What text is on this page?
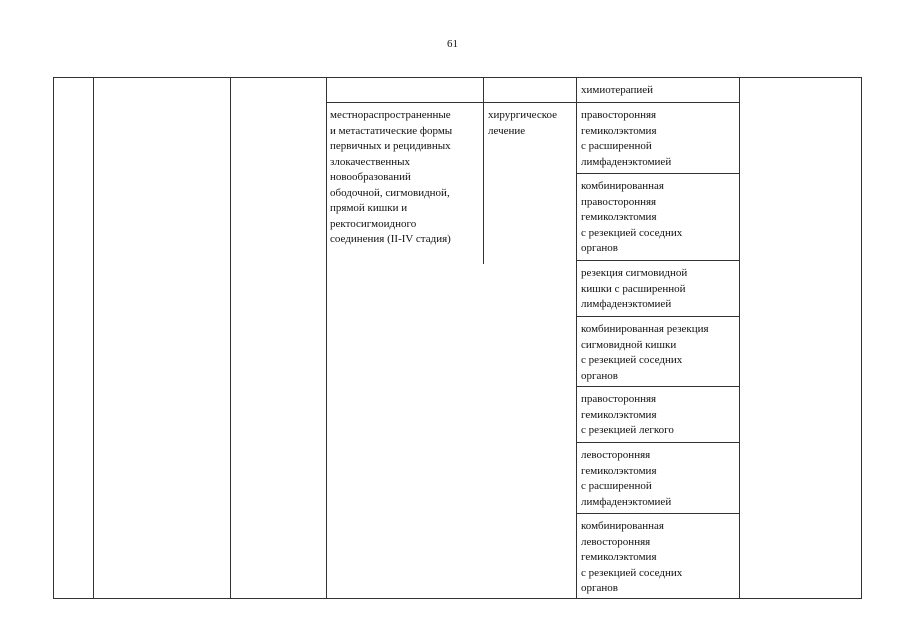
61
химиотерапией
местнораспространенные
и метастатические формы
первичных и рецидивных
злокачественных
новообразований
ободочной, сигмовидной,
прямой кишки и
ректосигмоидного
соединения (II-IV стадия)
хирургическое
лечение
правосторонняя
гемиколэктомия
с расширенной
лимфаденэктомией
комбинированная
правосторонняя
гемиколэктомия
с резекцией соседних
органов
резекция сигмовидной
кишки с расширенной
лимфаденэктомией
комбинированная резекция
сигмовидной кишки
с резекцией соседних
органов
правосторонняя
гемиколэктомия
с резекцией легкого
левосторонняя
гемиколэктомия
с расширенной
лимфаденэктомией
комбинированная
левосторонняя
гемиколэктомия
с резекцией соседних
органов
